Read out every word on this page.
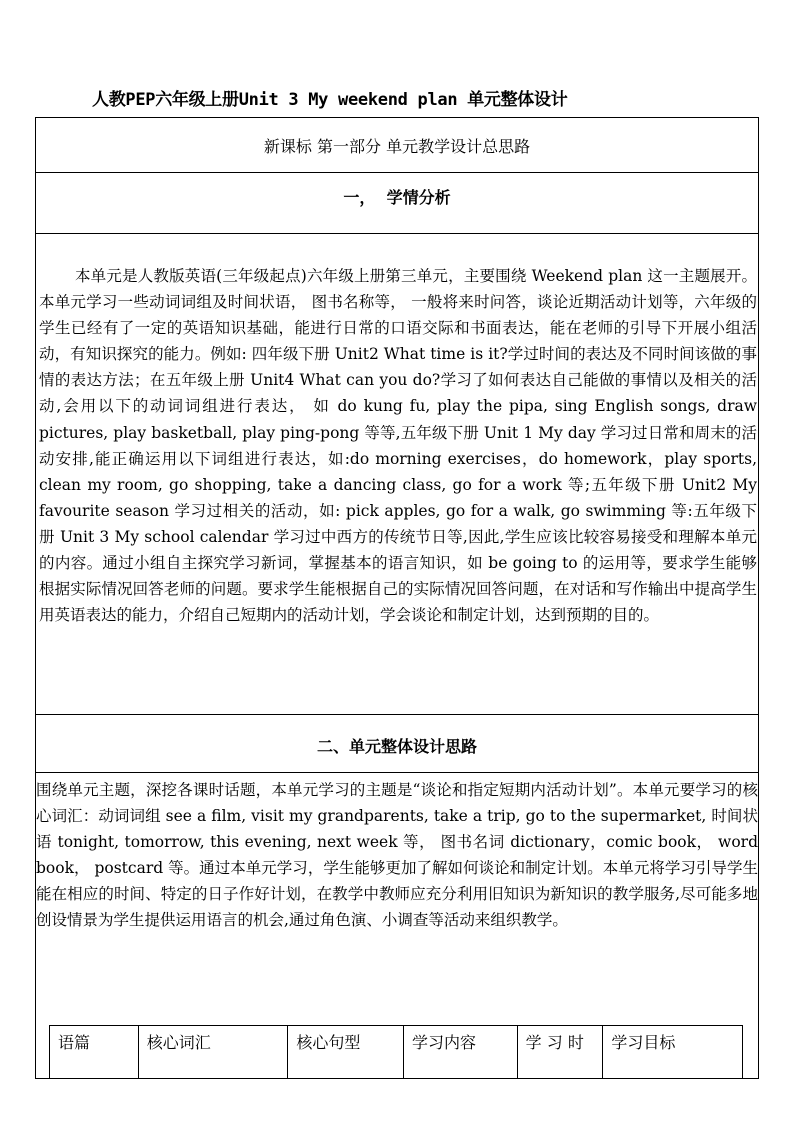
人教PEP六年级上册Unit 3 My weekend plan 单元整体设计
新课标 第一部分 单元教学设计总思路
一，  学情分析

本单元是人教版英语(三年级起点)六年级上册第三单元，主要围绕 Weekend plan 这一主题展开。本单元学习一些动词词组及时间状语， 图书名称等， 一般将来时问答，谈论近期活动计划等，六年级的学生已经有了一定的英语知识基础，能进行日常的口语交际和书面表达，能在老师的引导下开展小组活动，有知识探究的能力。例如: 四年级下册 Unit2 What time is it?学过时间的表达及不同时间该做的事情的表达方法；在五年级上册 Unit4 What can you do?学习了如何表达自己能做的事情以及相关的活动,会用以下的动词词组进行表达， 如 do kung fu, play the pipa, sing English songs, draw pictures, play basketball, play ping-pong 等等,五年级下册 Unit 1 My day 学习过日常和周末的活动安排,能正确运用以下词组进行表达，如:do morning exercises，do homework，play sports, clean my room, go shopping, take a dancing class, go for a work 等;五年级下册 Unit2 My favourite season 学习过相关的活动，如: pick apples, go for a walk, go swimming 等:五年级下册 Unit 3 My school calendar 学习过中西方的传统节日等,因此,学生应该比较容易接受和理解本单元的内容。通过小组自主探究学习新词，掌握基本的语言知识，如 be going to 的运用等，要求学生能够根据实际情况回答老师的问题。要求学生能根据自己的实际情况回答问题，在对话和写作输出中提高学生用英语表达的能力，介绍自己短期内的活动计划，学会谈论和制定计划，达到预期的目的。

二、单元整体设计思路

围绕单元主题，深挖各课时话题，本单元学习的主题是“谈论和指定短期内活动计划”。本单元要学习的核心词汇：动词词组 see a film, visit my grandparents, take a trip, go to the supermarket, 时间状语 tonight, tomorrow, this evening, next week 等， 图书名词 dictionary，comic book， word book， postcard 等。通过本单元学习，学生能够更加了解如何谈论和制定计划。本单元将学习引导学生能在相应的时间、特定的日子作好计划，在教学中教师应充分利用旧知识为新知识的教学服务,尽可能多地创设情景为学生提供运用语言的机会,通过角色演、小调查等活动来组织教学。

语篇	核心词汇	核心句型	学习内容	学 习 时	学习目标
